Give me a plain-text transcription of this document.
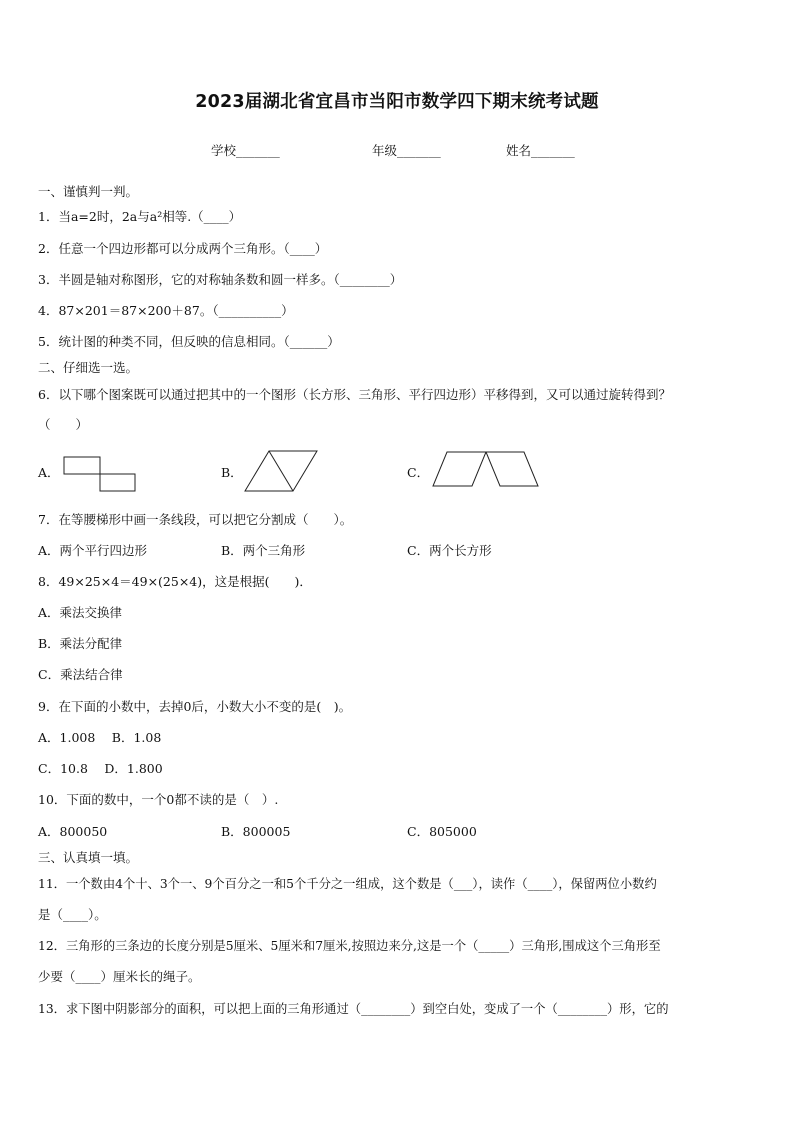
2023届湖北省宜昌市当阳市数学四下期末统考试题
学校_______	年级_______	姓名_______
一、谨慎判一判。
1．当a=2时，2a与a²相等.（____）
2．任意一个四边形都可以分成两个三角形。（____）
3．半圆是轴对称图形，它的对称轴条数和圆一样多。（________）
4．87×201＝87×200＋87。（__________）
5．统计图的种类不同，但反映的信息相同。（______）
二、仔细选一选。
6．以下哪个图案既可以通过把其中的一个图形（长方形、三角形、平行四边形）平移得到，又可以通过旋转得到？
（　　）
A．	B．	C．
7．在等腰梯形中画一条线段，可以把它分割成（　　）。
A．两个平行四边形	B．两个三角形	C．两个长方形
8．49×25×4＝49×(25×4)，这是根据(　　)．
A．乘法交换律
B．乘法分配律
C．乘法结合律
9．在下面的小数中，去掉0后，小数大小不变的是(　)。
A．1.008　 B．1.08
C．10.8　 D．1.800
10．下面的数中，一个0都不读的是（　）.
A．800050	B．800005	C．805000
三、认真填一填。
11．一个数由4个十、3个一、9个百分之一和5个千分之一组成，这个数是（___），读作（____），保留两位小数约
是（____）。
12．三角形的三条边的长度分别是5厘米、5厘米和7厘米,按照边来分,这是一个（_____）三角形,围成这个三角形至
少要（____）厘米长的绳子。
13．求下图中阴影部分的面积，可以把上面的三角形通过（________）到空白处，变成了一个（________）形，它的
